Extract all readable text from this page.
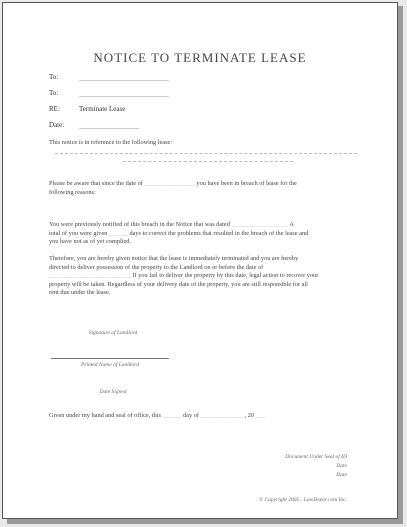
NOTICE TO TERMINATE LEASE
To:
To:
RE:	Terminate Lease
Date:
This notice is in reference to the following lease:
Please be aware that since the date of ________________ you have been in breach of lease for the
following reasons:
You were previously notified of this breach in the Notice that was dated __________________ A
total of you were given ______ days to correct the problems that resulted in the breach of the lease and
you have not as of yet complied.
Therefore, you are hereby given notice that the lease is immediately terminated and you are hereby
directed to deliver possession of the property to the Landlord on or before the date of
__________________________ If you fail to deliver the property by this date, legal action to recover your
property will be taken. Regardless of your delivery date of the property, you are still responsible for all
rent due under the lease.
Signature of Landlord
Printed Name of Landlord
Date Signed
Given under my hand and seal of office, this ______ day of ______________, 20 ___
Document Under Seal of ID
Date
Date
© Copyright 2005 - LawDepot.com Inc.
